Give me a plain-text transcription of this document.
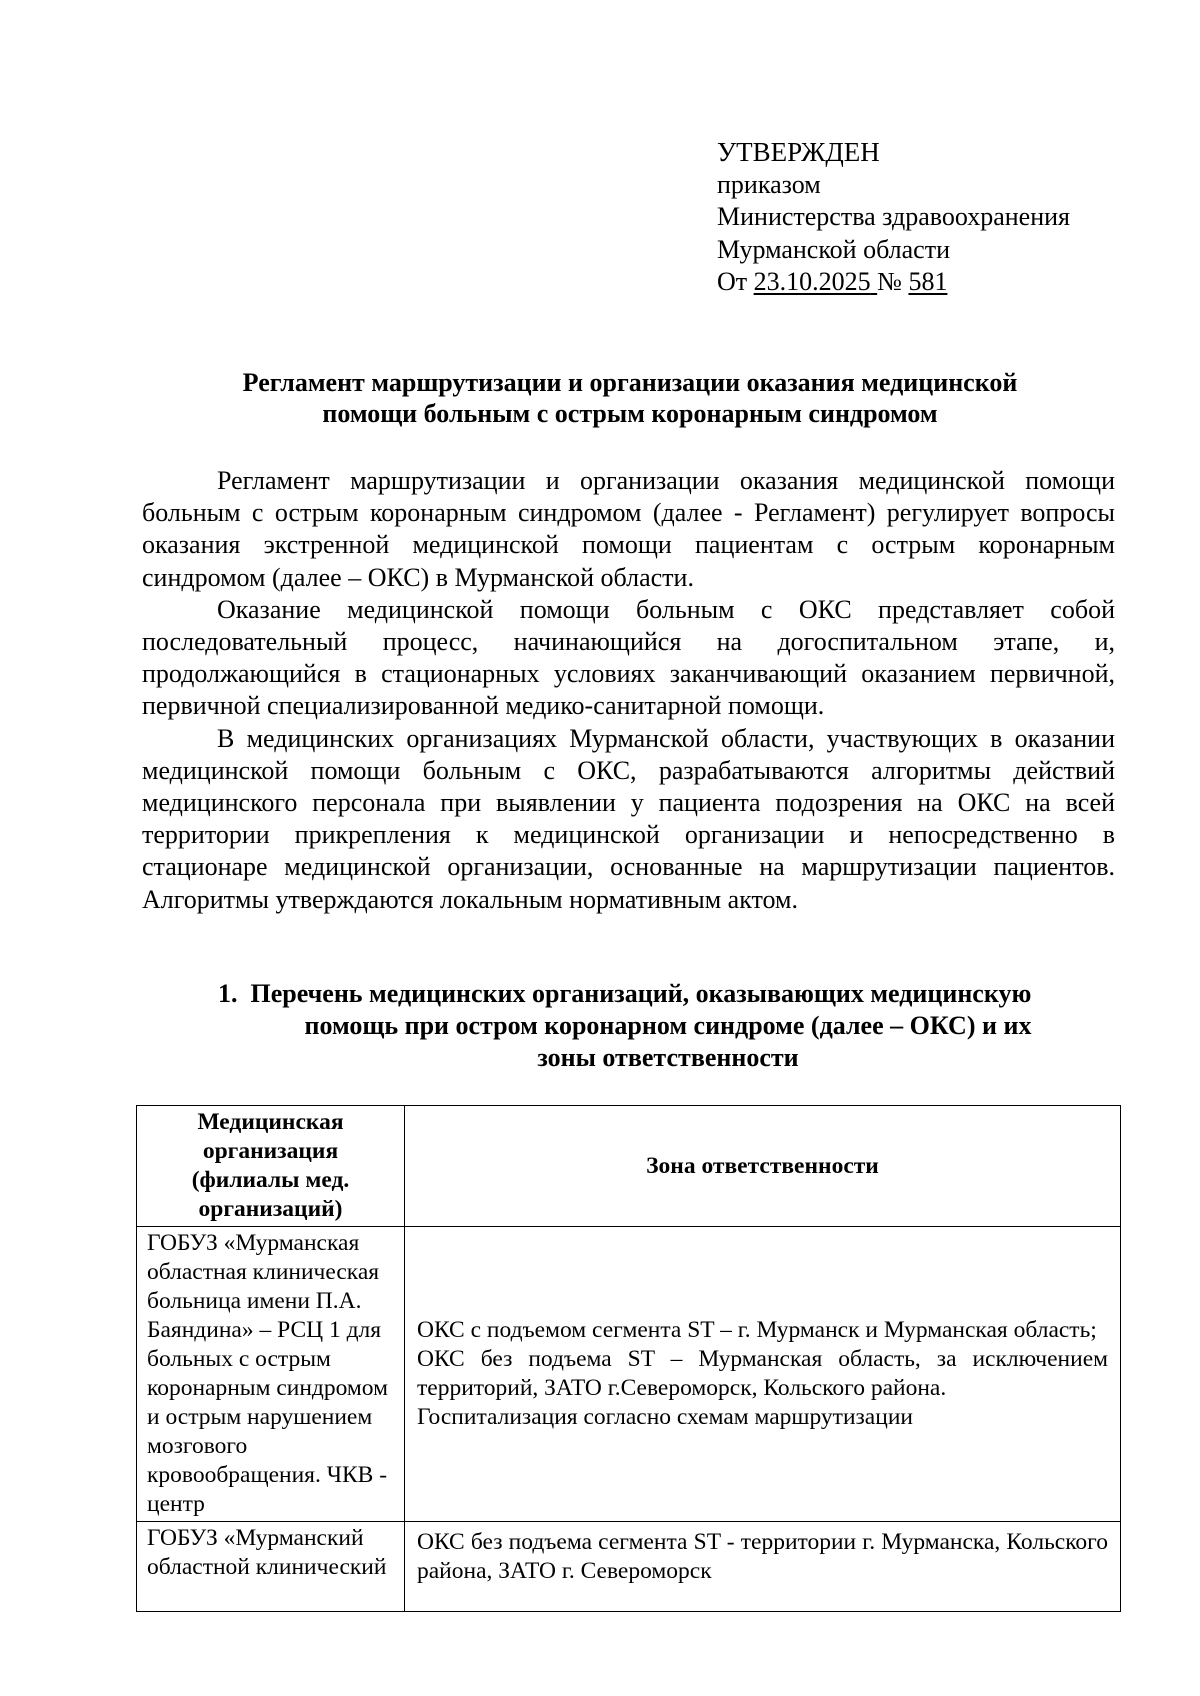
УТВЕРЖДЕН
приказом
Министерства здравоохранения
Мурманской области
От 23.10.2025 № 581
Регламент маршрутизации и организации оказания медицинской
помощи больным с острым коронарным синдромом

Регламент маршрутизации и организации оказания медицинской помощи больным с острым коронарным синдромом (далее - Регламент) регулирует вопросы оказания экстренной медицинской помощи пациентам с острым коронарным синдромом (далее – ОКС) в Мурманской области.

Оказание медицинской помощи больным с ОКС представляет собой последовательный процесс, начинающийся на догоспитальном этапе, и, продолжающийся в стационарных условиях заканчивающий оказанием первичной, первичной специализированной медико-санитарной помощи.

В медицинских организациях Мурманской области, участвующих в оказании медицинской помощи больным с ОКС, разрабатываются алгоритмы действий медицинского персонала при выявлении у пациента подозрения на ОКС на всей территории прикрепления к медицинской организации и непосредственно в стационаре медицинской организации, основанные на маршрутизации пациентов. Алгоритмы утверждаются локальным нормативным актом.

1. Перечень медицинских организаций, оказывающих медицинскую
помощь при остром коронарном синдроме (далее – ОКС) и их
зоны ответственности
Медицинская организация (филиалы мед. организаций)	Зона ответственности
ГОБУЗ «Мурманская областная клиническая больница имени П.А. Баяндина» – РСЦ 1 для больных с острым коронарным синдромом и острым нарушением мозгового кровообращения. ЧКВ - центр	ОКС с подъемом сегмента ST – г. Мурманск и Мурманская область;
ОКС без подъема ST – Мурманская область, за исключением территорий, ЗАТО г.Североморск, Кольского района.
Госпитализация согласно схемам маршрутизации

ГОБУЗ «Мурманский областной клинический	ОКС без подъема сегмента ST - территории г. Мурманска, Кольского района, ЗАТО г. Североморск
